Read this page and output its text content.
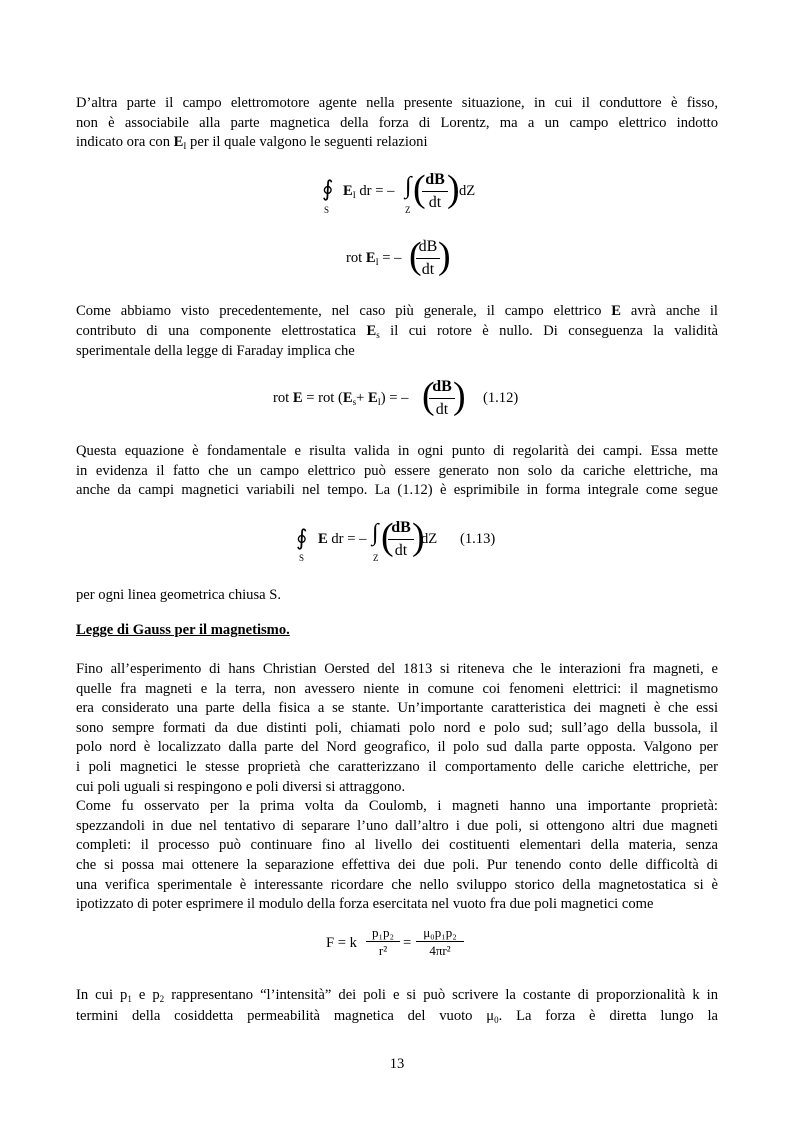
D’altra parte il campo elettromotore agente nella presente situazione, in cui il conduttore è fisso,
non è associabile alla parte magnetica della forza di Lorentz, ma a un campo elettrico indotto
indicato ora con $E_I$ per il quale valgono le seguenti relazioni
∮
S
$E_I$ dr = – ∫
Z ( dB
dt ) dZ
rot $E_I$ = – (
dB
dt )
Come abbiamo visto precedentemente, nel caso più generale, il campo elettrico E avrà anche il
contributo di una componente elettrostatica $E_s$ il cui rotore è nullo. Di conseguenza la validità
sperimentale della legge di Faraday implica che
rot E = rot $(E_s+ E_I)$ = – (
dB
dt ) (1.12)
Questa equazione è fondamentale e risulta valida in ogni punto di regolarità dei campi. Essa mette
in evidenza il fatto che un campo elettrico può essere generato non solo da cariche elettriche, ma
anche da campi magnetici variabili nel tempo. La (1.12) è esprimibile in forma integrale come segue
∮
S
E dr = – ∫
Z (
dB
dt )
dZ (1.13)
per ogni linea geometrica chiusa S.
Legge di Gauss per il magnetismo.
Fino all’esperimento di hans Christian Oersted del 1813 si riteneva che le interazioni fra magneti, e
quelle fra magneti e la terra, non avessero niente in comune coi fenomeni elettrici: il magnetismo
era considerato una parte della fisica a se stante. Un’importante caratteristica dei magneti è che essi
sono sempre formati da due distinti poli, chiamati polo nord e polo sud; sull’ago della bussola, il
polo nord è localizzato dalla parte del Nord geografico, il polo sud dalla parte opposta. Valgono per
i poli magnetici le stesse proprietà che caratterizzano il comportamento delle cariche elettriche, per
cui poli uguali si respingono e poli diversi si attraggono.
Come fu osservato per la prima volta da Coulomb, i magneti hanno una importante proprietà:
spezzandoli in due nel tentativo di separare l’uno dall’altro i due poli, si ottengono altri due magneti
completi: il processo può continuare fino al livello dei costituenti elementari della materia, senza
che si possa mai ottenere la separazione effettiva dei due poli. Pur tenendo conto delle difficoltà di
una verifica sperimentale è interessante ricordare che nello sviluppo storico della magnetostatica si è
ipotizzato di poter esprimere il modulo della forza esercitata nel vuoto fra due poli magnetici come
F = k
p₁p₂
r²	=
μ₀p₁p₂
4πr²
In cui $p_1$ e $p_2$ rappresentano “l’intensità” dei poli e si può scrivere la costante di proporzionalità k in
termini della cosiddetta permeabilità magnetica del vuoto $\mu_0$. La forza è diretta lungo la
13
